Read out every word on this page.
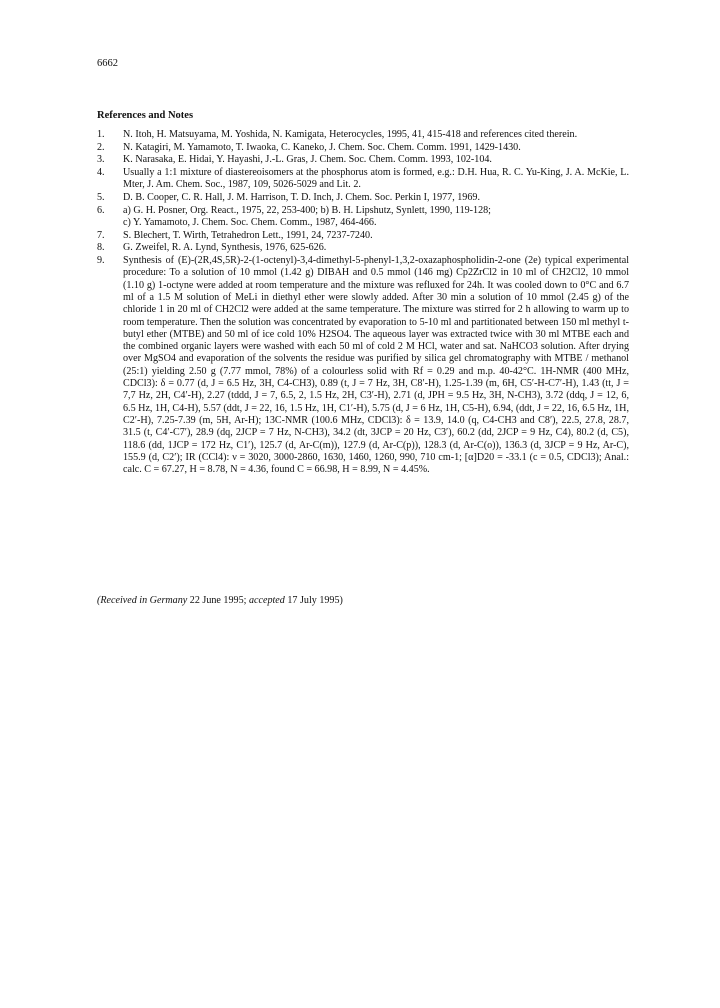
6662
References and Notes
1. N. Itoh, H. Matsuyama, M. Yoshida, N. Kamigata, Heterocycles, 1995, 41, 415-418 and references cited therein.

2. N. Katagiri, M. Yamamoto, T. Iwaoka, C. Kaneko, J. Chem. Soc. Chem. Comm. 1991, 1429-1430.

3. K. Narasaka, E. Hidai, Y. Hayashi, J.-L. Gras, J. Chem. Soc. Chem. Comm. 1993, 102-104.

4. Usually a 1:1 mixture of diastereoisomers at the phosphorus atom is formed, e.g.: D.H. Hua, R. C. Yu-King, J. A. McKie, L. Mter, J. Am. Chem. Soc., 1987, 109, 5026-5029 and Lit. 2.

5. D. B. Cooper, C. R. Hall, J. M. Harrison, T. D. Inch, J. Chem. Soc. Perkin I, 1977, 1969.

6. a) G. H. Posner, Org. React., 1975, 22, 253-400; b) B. H. Lipshutz, Synlett, 1990, 119-128;

c) Y. Yamamoto, J. Chem. Soc. Chem. Comm., 1987, 464-466.

7. S. Blechert, T. Wirth, Tetrahedron Lett., 1991, 24, 7237-7240.

8. G. Zweifel, R. A. Lynd, Synthesis, 1976, 625-626.

9. Synthesis of (E)-(2R,4S,5R)-2-(1-octenyl)-3,4-dimethyl-5-phenyl-1,3,2-oxazaphospholidin-2-one (2e) typical experimental procedure: To a solution of 10 mmol (1.42 g) DIBAH and 0.5 mmol (146 mg) Cp2ZrCl2 in 10 ml of CH2Cl2, 10 mmol (1.10 g) 1-octyne were added at room temperature and the mixture was refluxed for 24h. It was cooled down to 0°C and 6.7 ml of a 1.5 M solution of MeLi in diethyl ether were slowly added. After 30 min a solution of 10 mmol (2.45 g) of the chloride 1 in 20 ml of CH2Cl2 were added at the same temperature. The mixture was stirred for 2 h allowing to warm up to room temperature. Then the solution was concentrated by evaporation to 5-10 ml and partitionated between 150 ml methyl t-butyl ether (MTBE) and 50 ml of ice cold 10% H2SO4. The aqueous layer was extracted twice with 30 ml MTBE each and the combined organic layers were washed with each 50 ml of cold 2 M HCl, water and sat. NaHCO3 solution. After drying over MgSO4 and evaporation of the solvents the residue was purified by silica gel chromatography with MTBE / methanol (25:1) yielding 2.50 g (7.77 mmol, 78%) of a colourless solid with Rf = 0.29 and m.p. 40-42°C. 1H-NMR (400 MHz, CDCl3): δ = 0.77 (d, J = 6.5 Hz, 3H, C4-CH3), 0.89 (t, J = 7 Hz, 3H, C8′-H), 1.25-1.39 (m, 6H, C5′-H-C7′-H), 1.43 (tt, J = 7,7 Hz, 2H, C4′-H), 2.27 (tddd, J = 7, 6.5, 2, 1.5 Hz, 2H, C3′-H), 2.71 (d, JPH = 9.5 Hz, 3H, N-CH3), 3.72 (ddq, J = 12, 6, 6.5 Hz, 1H, C4-H), 5.57 (ddt, J = 22, 16, 1.5 Hz, 1H, C1′-H), 5.75 (d, J = 6 Hz, 1H, C5-H), 6.94, (ddt, J = 22, 16, 6.5 Hz, 1H, C2′-H), 7.25-7.39 (m, 5H, Ar-H); 13C-NMR (100.6 MHz, CDCl3): δ = 13.9, 14.0 (q, C4-CH3 and C8′), 22.5, 27.8, 28.7, 31.5 (t, C4′-C7′), 28.9 (dq, 2JCP = 7 Hz, N-CH3), 34.2 (dt, 3JCP = 20 Hz, C3′), 60.2 (dd, 2JCP = 9 Hz, C4), 80.2 (d, C5), 118.6 (dd, 1JCP = 172 Hz, C1′), 125.7 (d, Ar-C(m)), 127.9 (d, Ar-C(p)), 128.3 (d, Ar-C(o)), 136.3 (d, 3JCP = 9 Hz, Ar-C), 155.9 (d, C2′); IR (CCl4): ν = 3020, 3000-2860, 1630, 1460, 1260, 990, 710 cm-1; [α]D20 = -33.1 (c = 0.5, CDCl3); Anal.: calc. C = 67.27, H = 8.78, N = 4.36, found C = 66.98, H = 8.99, N = 4.45%.

(Received in Germany 22 June 1995; accepted 17 July 1995)
